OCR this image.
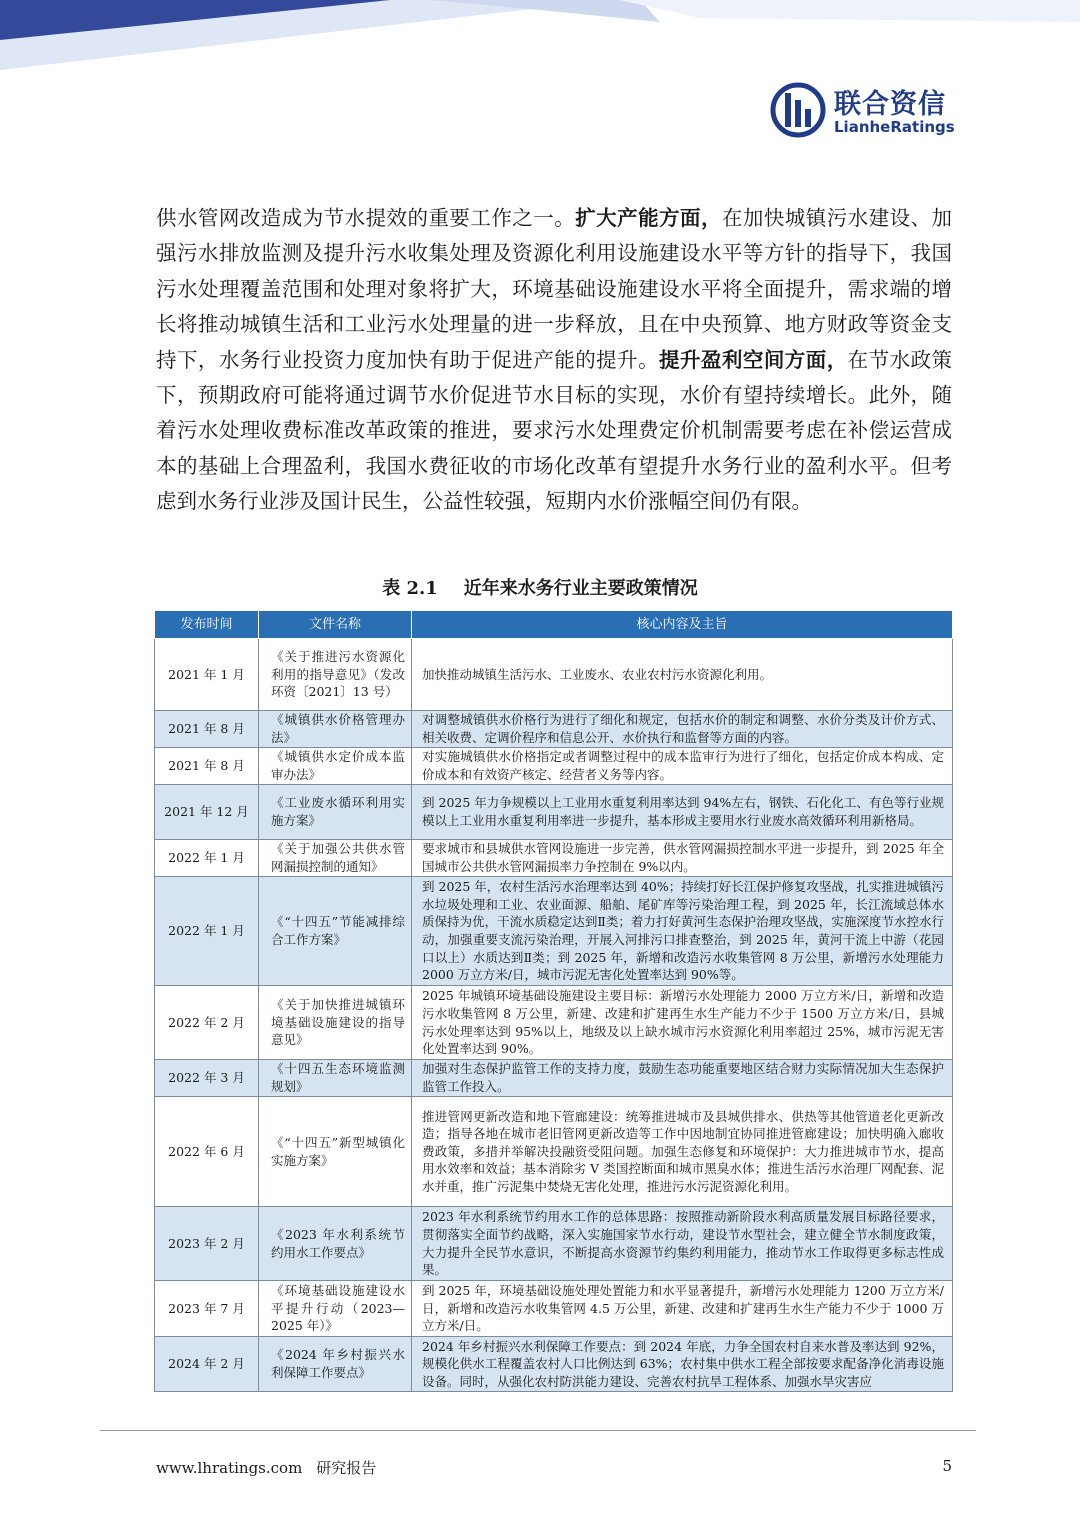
联合资信
LianheRatings

供水管网改造成为节水提效的重要工作之一。扩大产能方面，在加快城镇污水建设、加强污水排放监测及提升污水收集处理及资源化利用设施建设水平等方针的指导下，我国污水处理覆盖范围和处理对象将扩大，环境基础设施建设水平将全面提升，需求端的增长将推动城镇生活和工业污水处理量的进一步释放，且在中央预算、地方财政等资金支持下，水务行业投资力度加快有助于促进产能的提升。提升盈利空间方面，在节水政策下，预期政府可能将通过调节水价促进节水目标的实现，水价有望持续增长。此外，随着污水处理收费标准改革政策的推进，要求污水处理费定价机制需要考虑在补偿运营成本的基础上合理盈利，我国水费征收的市场化改革有望提升水务行业的盈利水平。但考虑到水务行业涉及国计民生，公益性较强，短期内水价涨幅空间仍有限。

表 2.1 近年来水务行业主要政策情况
发布时间	文件名称	核心内容及主旨
2021 年 1 月	《关于推进污水资源化利用的指导意见》（发改环资〔2021〕13 号）	加快推动城镇生活污水、工业废水、农业农村污水资源化利用。
2021 年 8 月	《城镇供水价格管理办法》	对调整城镇供水价格行为进行了细化和规定，包括水价的制定和调整、水价分类及计价方式、相关收费、定调价程序和信息公开、水价执行和监督等方面的内容。
2021 年 8 月	《城镇供水定价成本监审办法》	对实施城镇供水价格指定或者调整过程中的成本监审行为进行了细化，包括定价成本构成、定价成本和有效资产核定、经营者义务等内容。
2021 年 12 月	《工业废水循环利用实施方案》	到 2025 年力争规模以上工业用水重复利用率达到 94%左右，钢铁、石化化工、有色等行业规模以上工业用水重复利用率进一步提升，基本形成主要用水行业废水高效循环利用新格局。
2022 年 1 月	《关于加强公共供水管网漏损控制的通知》	要求城市和县城供水管网设施进一步完善，供水管网漏损控制水平进一步提升，到 2025 年全国城市公共供水管网漏损率力争控制在 9%以内。
2022 年 1 月	《“十四五”节能减排综合工作方案》	到 2025 年，农村生活污水治理率达到 40%；持续打好长江保护修复攻坚战，扎实推进城镇污水垃圾处理和工业、农业面源、船舶、尾矿库等污染治理工程，到 2025 年，长江流域总体水质保持为优，干流水质稳定达到Ⅱ类；着力打好黄河生态保护治理攻坚战，实施深度节水控水行动，加强重要支流污染治理，开展入河排污口排查整治，到 2025 年，黄河干流上中游（花园口以上）水质达到Ⅱ类；到 2025 年，新增和改造污水收集管网 8 万公里，新增污水处理能力 2000 万立方米/日，城市污泥无害化处置率达到 90%等。
2022 年 2 月	《关于加快推进城镇环境基础设施建设的指导意见》	2025 年城镇环境基础设施建设主要目标：新增污水处理能力 2000 万立方米/日，新增和改造污水收集管网 8 万公里，新建、改建和扩建再生水生产能力不少于 1500 万立方米/日，县城污水处理率达到 95%以上，地级及以上缺水城市污水资源化利用率超过 25%，城市污泥无害化处置率达到 90%。
2022 年 3 月	《十四五生态环境监测规划》	加强对生态保护监管工作的支持力度，鼓励生态功能重要地区结合财力实际情况加大生态保护监管工作投入。
2022 年 6 月	《“十四五”新型城镇化实施方案》	推进管网更新改造和地下管廊建设：统筹推进城市及县城供排水、供热等其他管道老化更新改造；指导各地在城市老旧管网更新改造等工作中因地制宜协同推进管廊建设；加快明确入廊收费政策，多措并举解决投融资受阻问题。加强生态修复和环境保护：大力推进城市节水，提高用水效率和效益；基本消除劣 V 类国控断面和城市黑臭水体；推进生活污水治理厂网配套、泥水并重，推广污泥集中焚烧无害化处理，推进污水污泥资源化利用。
2023 年 2 月	《2023 年水利系统节约用水工作要点》	2023 年水利系统节约用水工作的总体思路：按照推动新阶段水利高质量发展目标路径要求，贯彻落实全面节约战略，深入实施国家节水行动，建设节水型社会，建立健全节水制度政策，大力提升全民节水意识，不断提高水资源节约集约利用能力，推动节水工作取得更多标志性成果。
2023 年 7 月	《环境基础设施建设水平提升行动（2023—2025 年）》	到 2025 年，环境基础设施处理处置能力和水平显著提升，新增污水处理能力 1200 万立方米/日，新增和改造污水收集管网 4.5 万公里，新建、改建和扩建再生水生产能力不少于 1000 万立方米/日。
2024 年 2 月	《2024 年乡村振兴水利保障工作要点》	2024 年乡村振兴水利保障工作要点：到 2024 年底，力争全国农村自来水普及率达到 92%，规模化供水工程覆盖农村人口比例达到 63%；农村集中供水工程全部按要求配备净化消毒设施设备。同时，从强化农村防洪能力建设、完善农村抗旱工程体系、加强水旱灾害应
www.lhratings.com 研究报告	5
